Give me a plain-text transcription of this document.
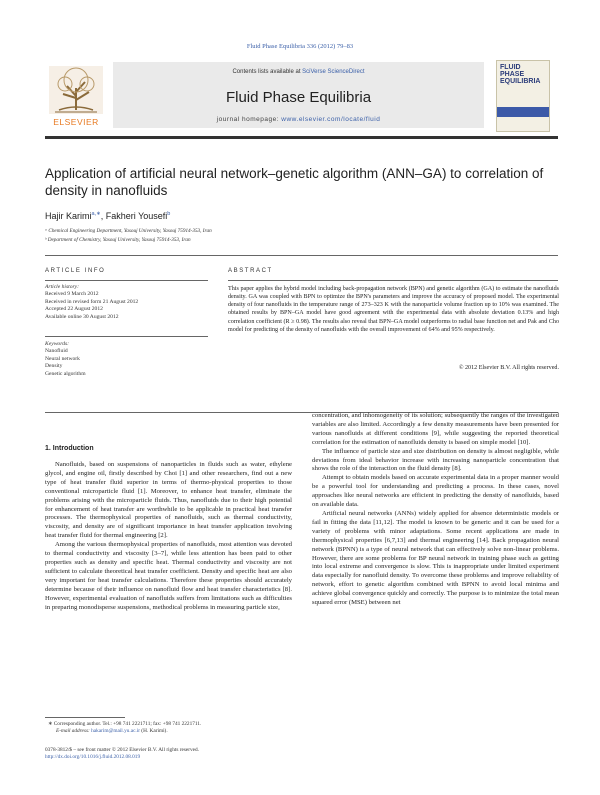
Fluid Phase Equilibria 336 (2012) 79–83
ELSEVIER
Contents lists available at SciVerse ScienceDirect
Fluid Phase Equilibria
journal homepage: www.elsevier.com/locate/fluid
FLUID PHASE
EQUILIBRIA
Application of artificial neural network–genetic algorithm (ANN–GA) to correlation of density in nanofluids
Hajir Karimi$^{a,∗}$, Fakheri Yousefi$^b$
ᵃ Chemical Engineering Department, Yasouj University, Yasouj 75914-353, Iran
ᵇ Department of Chemistry, Yasouj University, Yasouj 75914-353, Iran
ARTICLE INFO
Article history:
Received 9 March 2012
Received in revised form 21 August 2012
Accepted 22 August 2012
Available online 30 August 2012
Keywords:
Nanofluid
Neural network
Density
Genetic algorithm
ABSTRACT
This paper applies the hybrid model including back-propagation network (BPN) and genetic algorithm (GA) to estimate the nanofluids density. GA was coupled with BPN to optimize the BPN's parameters and improve the accuracy of proposed model. The experimental density of four nanofluids in the temperature range of 273–323 K with the nanoparticle volume fraction up to 10% was examined. The obtained results by BPN–GA model have good agreement with the experimental data with absolute deviation 0.13% and high correlation coefficient (R ≥ 0.98). The results also reveal that BPN–GA model outperforms to radial base function net and Pak and Cho model for predicting of the density of nanofluids with the overall improvement of 64% and 95% respectively.
© 2012 Elsevier B.V. All rights reserved.
1. Introduction

Nanofluids, based on suspensions of nanoparticles in fluids such as water, ethylene glycol, and engine oil, firstly described by Choi [1] and other researchers, find out a new type of heat transfer fluid superior in terms of thermo-physical properties to those conventional microparticle fluid [1]. Moreover, to enhance heat transfer, eliminate the problems arising with the microparticle fluids. Thus, nanofluids due to their high potential for enhancement of heat transfer are worthwhile to be applicable in practical heat transfer processes. The thermophysical properties of nanofluids, such as thermal conductivity, viscosity, and density are of significant importance in heat transfer application involving heat transfer fluid for thermal engineering [2].

Among the various thermophysical properties of nanofluids, most attention was devoted to thermal conductivity and viscosity [3–7], while less attention has been paid to other properties such as density and specific heat. Thermal conductivity and viscosity are not sufficient to calculate theoretical heat transfer coefficient. Density and specific heat are also very important for heat transfer calculations. Therefore these properties should accurately determine because of their influence on nanofluid flow and heat transfer characteristics [8]. However, experimental evaluation of nanofluids suffers from limitations such as difficulties in preparing monodisperse suspensions, methodical problems in measuring particle size,

concentration, and inhomogeneity of its solution; subsequently the ranges of the investigated variables are also limited. Accordingly a few density measurements have been presented for various nanofluids at different conditions [9], while suggesting the reported theoretical correlation for the estimation of nanofluids density is based on simple model [10].

The influence of particle size and size distribution on density is almost negligible, while deviations from ideal behavior increase with increasing nanoparticle concentration that shows the role of the interaction on the fluid density [8].

Attempt to obtain models based on accurate experimental data in a proper manner would be a powerful tool for understanding and predicting a process. In these cases, novel approaches like neural networks are efficient in predicting the density of nanofluids, based on available data.

Artificial neural networks (ANNs) widely applied for absence deterministic models or fail in fitting the data [11,12]. The model is known to be generic and it can be used for a variety of problems with minor adaptations. Some recent applications are made in thermophysical properties [6,7,13] and thermal engineering [14]. Back propagation neural network (BPNN) is a type of neural network that can effectively solve non-linear problems. However, there are some problems for BP neural network in training phase such as getting into local extreme and convergence is slow. This is inappropriate under limited experiment data especially for nanofluid density. To overcome these problems and improve reliability of network, effort to genetic algorithm combined with BPNN to avoid local minima and achieve global convergence quickly and correctly. The purpose is to minimize the total mean squared error (MSE) between net

∗ Corresponding author. Tel.: +98 741 2221711; fax: +98 741 2221711.
E-mail address: hakarim@mail.yu.ac.ir (H. Karimi).
0378-3812/$ – see front matter © 2012 Elsevier B.V. All rights reserved.
http://dx.doi.org/10.1016/j.fluid.2012.08.019
